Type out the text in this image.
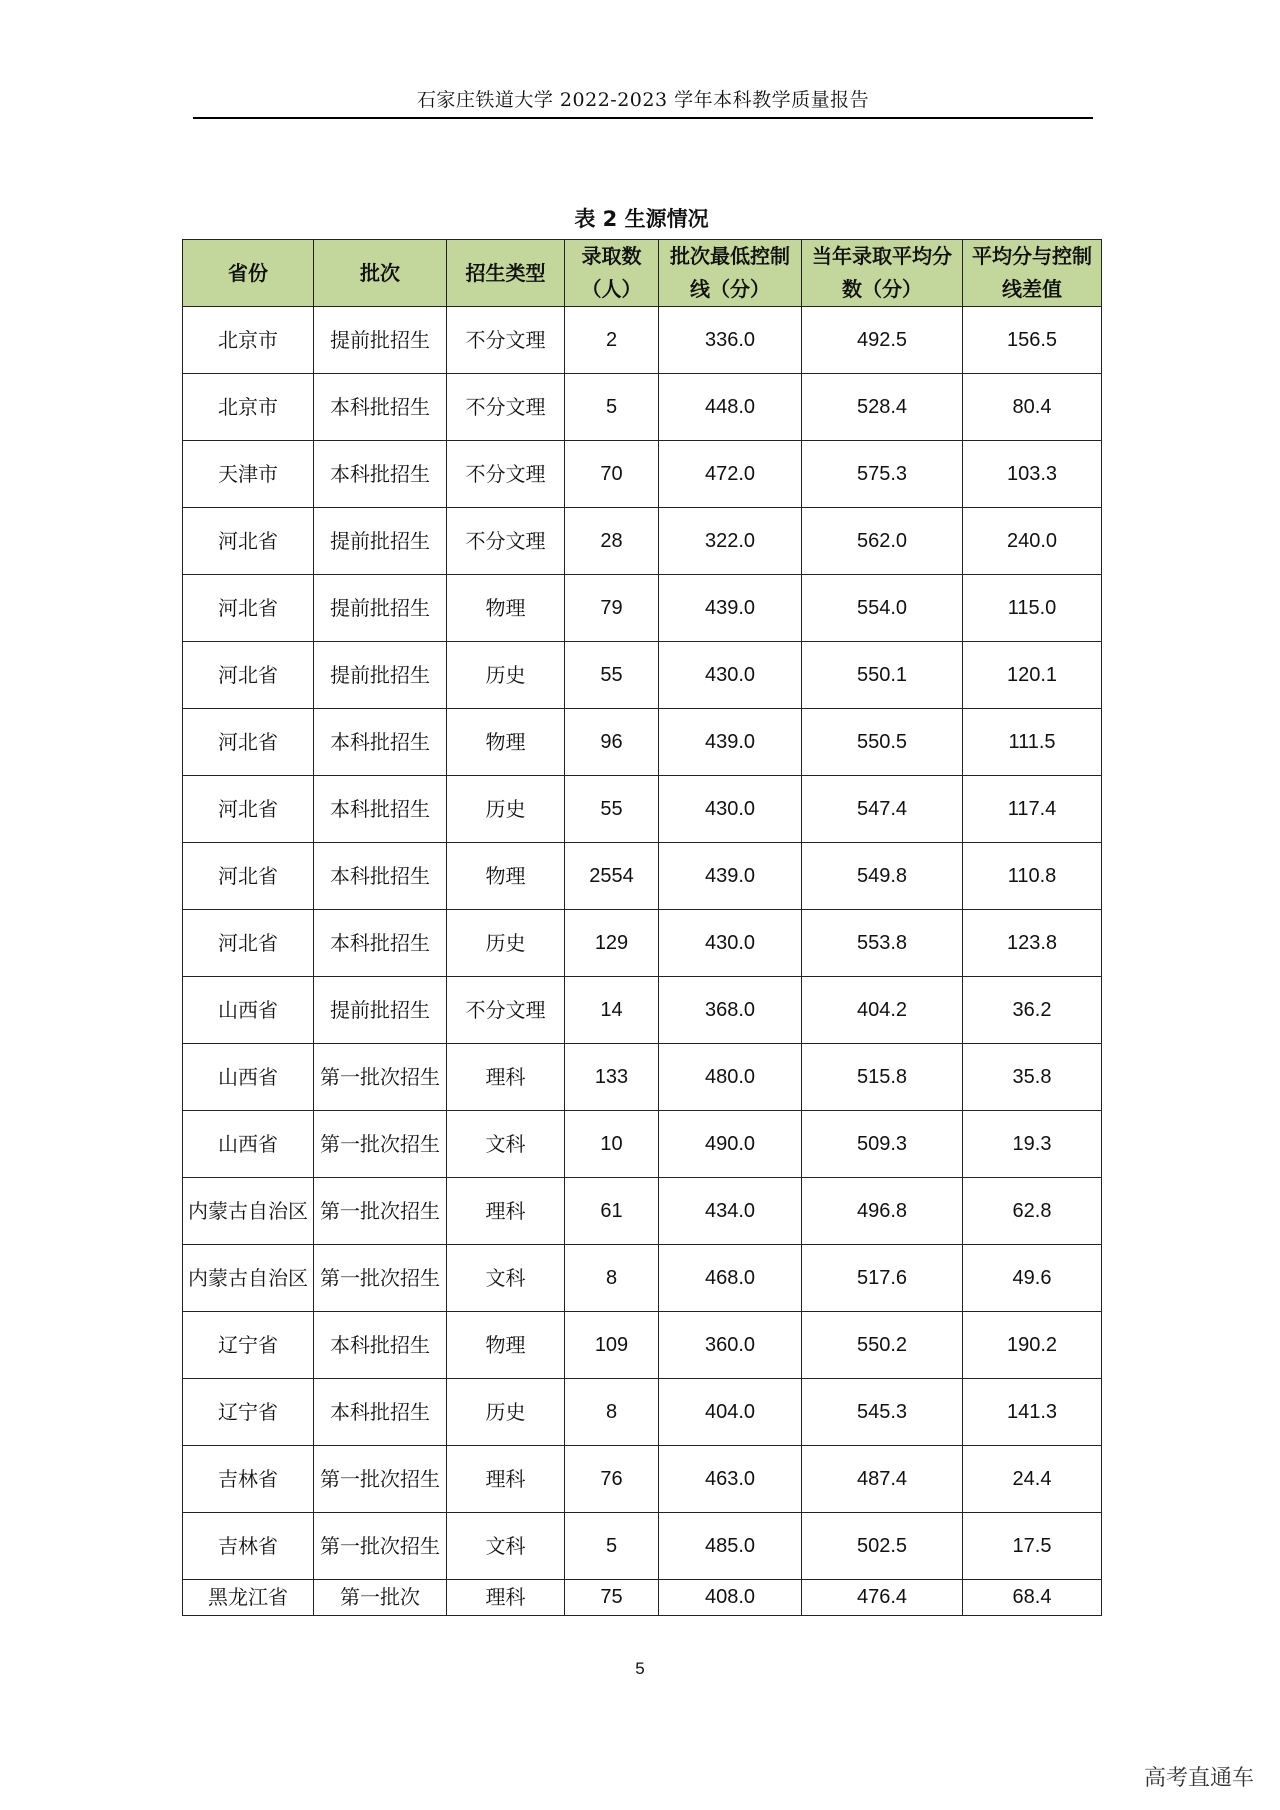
石家庄铁道大学 2022-2023 学年本科教学质量报告
表 2 生源情况
省份	批次	招生类型	录取数（人）	批次最低控制线（分）	当年录取平均分数（分）	平均分与控制线差值
北京市	提前批招生	不分文理	2	336.0	492.5	156.5
北京市	本科批招生	不分文理	5	448.0	528.4	80.4
天津市	本科批招生	不分文理	70	472.0	575.3	103.3
河北省	提前批招生	不分文理	28	322.0	562.0	240.0
河北省	提前批招生	物理	79	439.0	554.0	115.0
河北省	提前批招生	历史	55	430.0	550.1	120.1
河北省	本科批招生	物理	96	439.0	550.5	111.5
河北省	本科批招生	历史	55	430.0	547.4	117.4
河北省	本科批招生	物理	2554	439.0	549.8	110.8
河北省	本科批招生	历史	129	430.0	553.8	123.8
山西省	提前批招生	不分文理	14	368.0	404.2	36.2
山西省	第一批次招生	理科	133	480.0	515.8	35.8
山西省	第一批次招生	文科	10	490.0	509.3	19.3
内蒙古自治区	第一批次招生	理科	61	434.0	496.8	62.8
内蒙古自治区	第一批次招生	文科	8	468.0	517.6	49.6
辽宁省	本科批招生	物理	109	360.0	550.2	190.2
辽宁省	本科批招生	历史	8	404.0	545.3	141.3
吉林省	第一批次招生	理科	76	463.0	487.4	24.4
吉林省	第一批次招生	文科	5	485.0	502.5	17.5
黑龙江省	第一批次	理科	75	408.0	476.4	68.4
5
高考直通车
